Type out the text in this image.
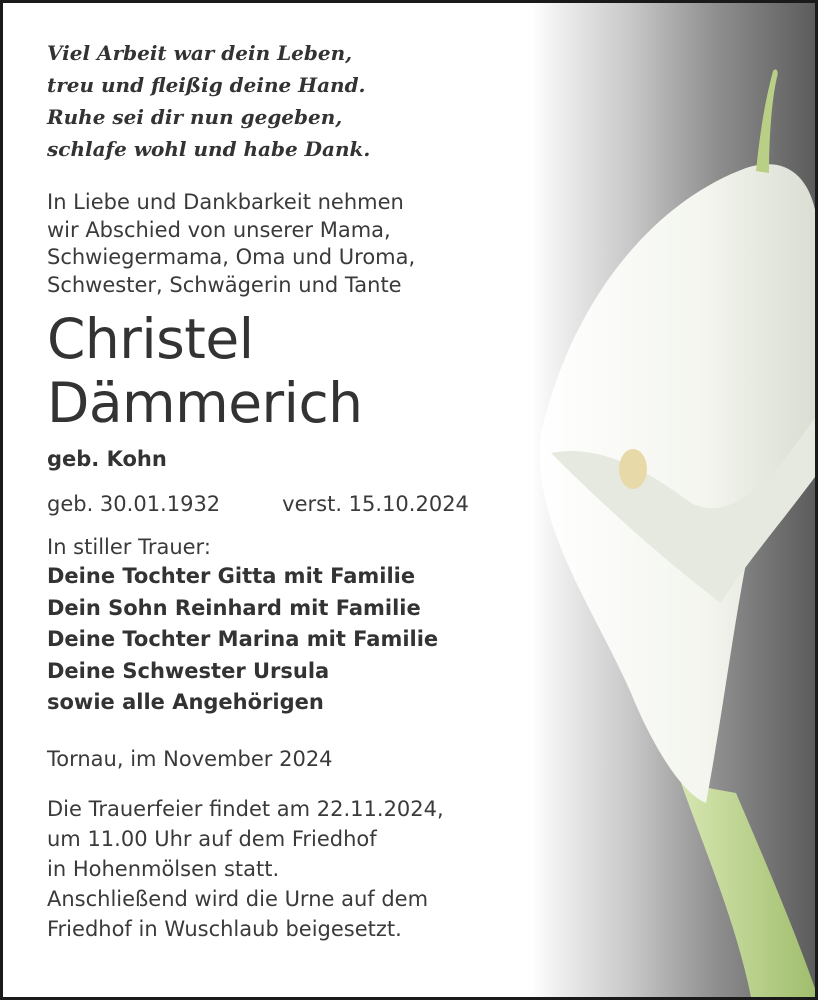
Viel Arbeit war dein Leben,
treu und fleißig deine Hand.
Ruhe sei dir nun gegeben,
schlafe wohl und habe Dank.

In Liebe und Dankbarkeit nehmen
wir Abschied von unserer Mama,
Schwiegermama, Oma und Uroma,
Schwester, Schwägerin und Tante

Christel
Dämmerich

geb. Kohn

geb. 30.01.1932	verst. 15.10.2024

In stiller Trauer:

Deine Tochter Gitta mit Familie
Dein Sohn Reinhard mit Familie
Deine Tochter Marina mit Familie
Deine Schwester Ursula
sowie alle Angehörigen

Tornau, im November 2024

Die Trauerfeier findet am 22.11.2024,
um 11.00 Uhr auf dem Friedhof
in Hohenmölsen statt.
Anschließend wird die Urne auf dem
Friedhof in Wuschlaub beigesetzt.
